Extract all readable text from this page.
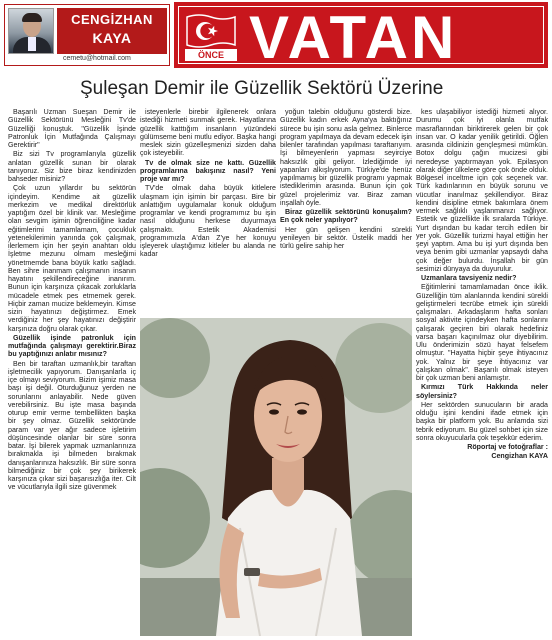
CENGİZHAN
KAYA
cemetu@hotmail.com	ÖNCE VATAN
Şuleşan Demir ile Güzellik Sektörü Üzerine

Başarılı Uzman Sueşan Demir ile Güzellik Sektörünü Mesleğini Tv'de Güzelliği konuştuk. "Güzellik İşinde Patronluk İçin Mutfağında Çalışmayı Gerektirir"

Biz sizi Tv programlarıyla güzellik anlatan güzellik sunan bir olarak tanıyoruz. Siz bize biraz kendinizden bahseder misiniz?

Çok uzun yıllardır bu sektörün içindeyim. Kendime ait güzellik merkezim ve medikal direktörlük yaptığım özel bir klinik var. Mesleğime olan sevgim işimin öğrenciliğine kadar eğitimlerimi tamamlamam, çocukluk yetenekilerimin yanında çok çalışmak, ilerlemem için her şeyin anahtarı oldu İşletme mezunu olmam mesleğimi yönetmemde bana büyük katkı sağladı. Ben sihre inanmam çalışmanın insanın hayatını şekillendireceğine inanırım. Bunun için karşınıza çıkacak zorluklarla mücadele etmek pes etmemek gerek. Hiçbir zaman mucize beklemeyin. Kimse sizin hayatınızı değiştirmez. Emek verdiğiniz her şey hayatınızı değiştirir karşınıza doğru olarak çıkar.

Güzellik işinde patronluk için mutfağında çalışmayı gerektirir.Biraz bu yaptığınızı anlatır mısınız?

Ben bir taraftan uzmanlık,bir taraftan işletmecilik yapıyorum. Danışanlarla iç içe olmayı seviyorum. Bizim işimiz masa başı işi değil. Oturduğunuz yerden ne sorunlarını anlayabilir. Nede güven verebilirsiniz. Bu işte masa başında oturup emir verme tembellikten başka bir şey olmaz. Güzellik sektöründe param var yer ağır sadece işletirim düşüncesinde olanlar bir süre sonra batar. İşi bilerek yapmak uzmanlarınıza bırakmakla işi bilmeden bırakmak danışanlarınıza haksızlık. Bir süre sonra bilmediğiniz bir çok şey birikerek karşınıza çıkar sizi başarısızlığa iter. Cilt ve vücutlarıyla ilgili size güvenmek

isteyenlerle birebir ilgilenerek onlara istediği hizmeti sunmak gerek. Hayatlarına güzellik katttığım insanların yüzündeki gülümseme beni mutlu ediyor. Başka hangi meslek sizin güzelleşmenizi sizden daha çok isteyebilir.

Tv de olmak size ne kattı. Güzellik programlarına bakışınız nasıl? Yeni proje var mı?

TV'de olmak daha büyük kitlelere ulaşmam için işimin bir parçası. Bire bir anlattığım uygulamalar konuk olduğum programlar ve kendi programımız bu işin nasıl olduğunu herkese duyurmaya çalışmaktı. Estetik Akademisi programımızla A'dan Z'ye her konuyu işleyerek ulaştığımız kitleler bu alanda ne kadar

yoğun talebin olduğunu gösterdi bize. Güzellik kadın erkek Ayna'ya baktığınız sürece bu işin sonu asla gelmez. Binlerce program yapılmaya da devam edecek işin bilenler tarafından yapılması taraftarıyım. İşi bilmeyenlerin yapması seyirciye haksızlık gibi geliyor. İzlediğimde iyi yapanları alkışlıyorum. Türkiye'de henüz yapılmamış bir güzellik programı yapmak istediklerimin arasında. Bunun için çok güzel projelerimiz var. Biraz zaman inşallah öyle.

Biraz güzellik sektörünü konuşalım? En çok neler yapılıyor?

Her gün gelişen kendini sürekli yenileyen bir sektör. Üstelik maddi her türlü gelire sahip her

kes ulaşabiliyor istediği hizmeti alıyor. Durumu çok iyi olanla mutfak masraflarından biriktirerek gelen bir çok insan var. O kadar yenilik getirildi. Öğlen arasında cildinizin gençleşmesi mümkün. Botox dolgu çağın mucizesi gibi neredeyse yaptırmayan yok. Epilasyon olarak diğer ülkelere göre çok önde olduk. Bölgesel inceltme için çok seçenek var. Türk kadınlarının en büyük sorunu ve vücutlar inanılmaz şekillendiyor. Biraz kendini disipline etmek bakımlara önem vermek sağlıklı yaşlanmanızı sağlıyor. Estetik ve güzellikte ilk sıralarda Türkiye. Yurt dışından bu kadar tercih edilen bir yer yok. Güzellik turizmi hayal ettiğin her şeyi yaptım. Ama bu işi yurt dışında ben veya benim gibi uzmanlar yapsaydı daha çok değer bulurdu. İnşallah bir gün sesimizi dünyaya da duyurulur.

Uzmanlara tavsiyeniz nedir?

Eğitimlerini tamamlamadan önce iklik. Güzelliğin tüm alanlarında kendini sürekli geliştirmeleri tecrübe etmek için sürekli çalışmaları. Arkadaşlarım hafta sonları sosyal aktivite içindeyken hafta sonlarını çalışarak geçiren biri olarak hedefiniz varsa başarı kaçınılmaz olur diyebilirim. Ulu önderimizin sözü hayat felsefem olmuştur. "Hayatta hiçbir şeye ihtiyacınız yok. Yalnız bir şeye ihtiyacınız var çalışkan olmak". Başarılı olmak isteyen bir çok uzman beni anlamıştır.

Kırmızı Türk Hakkında neler söylersiniz?

Her sektörden sunucuların bir arada olduğu işini kendini ifade etmek için başka bir platform yok. Bu anlamda sizi tebrik ediyorum. Bu güzel sohbet için size sonra okuyucularla çok teşekkür ederim.

Röportaj ve fotoğraflar :

Cengizhan KAYA
